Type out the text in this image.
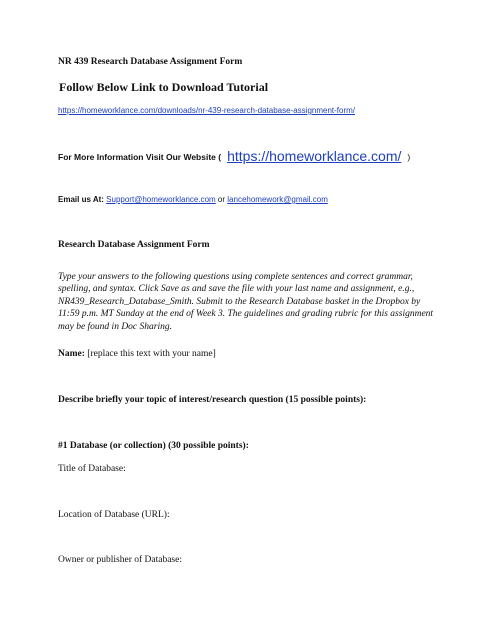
NR 439 Research Database Assignment Form
Follow Below Link to Download Tutorial
https://homeworklance.com/downloads/nr-439-research-database-assignment-form/
For More Information Visit Our Website ( https://homeworklance.com/ )
Email us At: Support@homeworklance.com or lancehomework@gmail.com
Research Database Assignment Form
Type your answers to the following questions using complete sentences and correct grammar, spelling, and syntax. Click Save as and save the file with your last name and assignment, e.g., NR439_Research_Database_Smith. Submit to the Research Database basket in the Dropbox by 11:59 p.m. MT Sunday at the end of Week 3. The guidelines and grading rubric for this assignment may be found in Doc Sharing.
Name: [replace this text with your name]
Describe briefly your topic of interest/research question (15 possible points):
#1 Database (or collection) (30 possible points):
Title of Database:
Location of Database (URL):
Owner or publisher of Database:
